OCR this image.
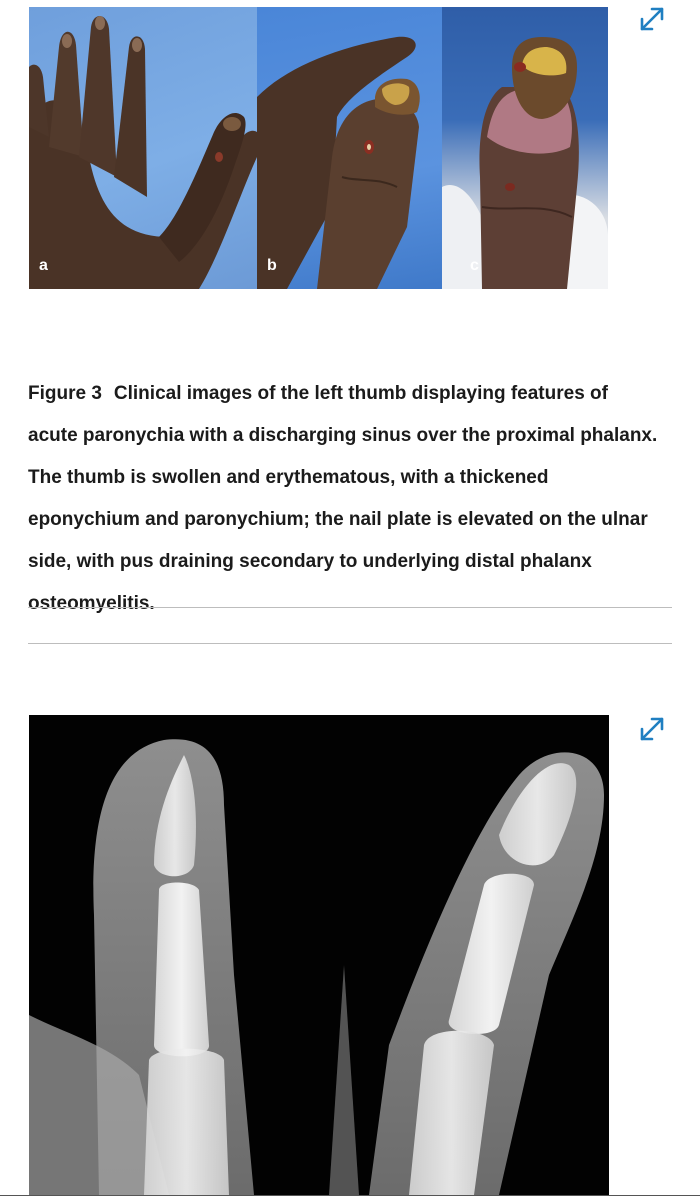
a	b	c

Figure 3 Clinical images of the left thumb displaying features of acute paronychia with a discharging sinus over the proximal phalanx. The thumb is swollen and erythematous, with a thickened eponychium and paronychium; the nail plate is elevated on the ulnar side, with pus draining secondary to underlying distal phalanx osteomyelitis.
